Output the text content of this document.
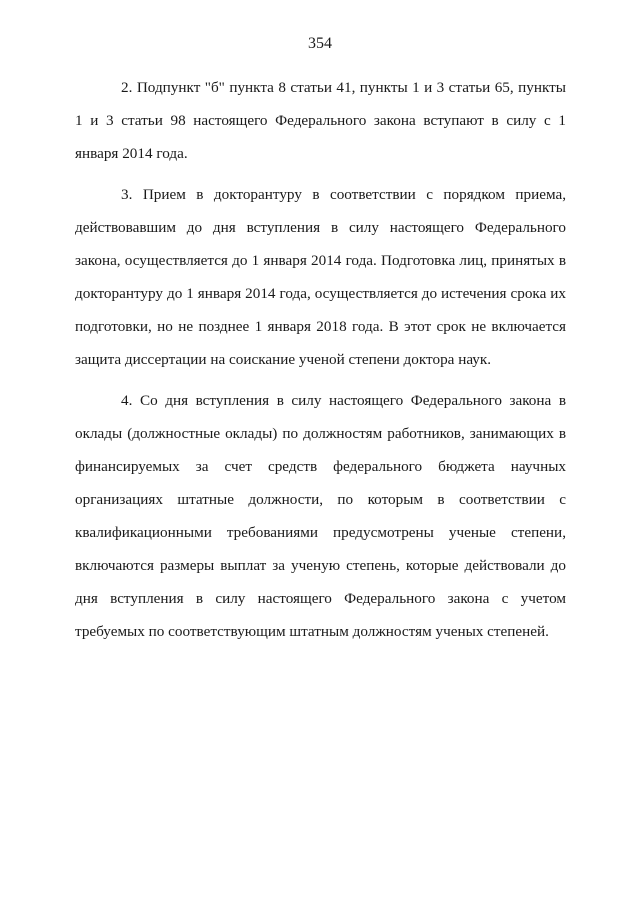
354

2. Подпункт "б" пункта 8 статьи 41, пункты 1 и 3 статьи 65, пункты 1 и 3 статьи 98 настоящего Федерального закона вступают в силу с 1 января 2014 года.

3. Прием в докторантуру в соответствии с порядком приема, действовавшим до дня вступления в силу настоящего Федерального закона, осуществляется до 1 января 2014 года. Подготовка лиц, принятых в докторантуру до 1 января 2014 года, осуществляется до истечения срока их подготовки, но не позднее 1 января 2018 года. В этот срок не включается защита диссертации на соискание ученой степени доктора наук.

4. Со дня вступления в силу настоящего Федерального закона в оклады (должностные оклады) по должностям работников, занимающих в финансируемых за счет средств федерального бюджета научных организациях штатные должности, по которым в соответствии с квалификационными требованиями предусмотрены ученые степени, включаются размеры выплат за ученую степень, которые действовали до дня вступления в силу настоящего Федерального закона с учетом требуемых по соответствующим штатным должностям ученых степеней.
